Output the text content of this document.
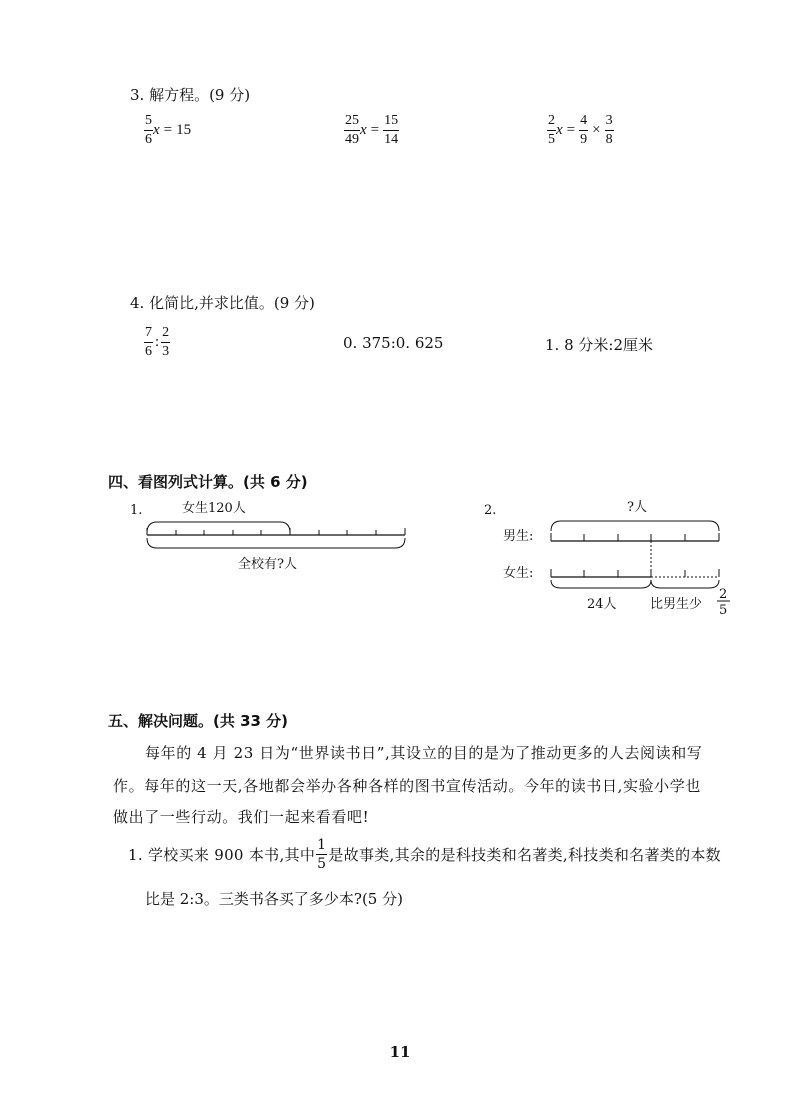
3. 解方程。(9 分)
$\frac{5}{6}$ x = 15	$\frac{25}{49}$ $x = \frac{15}{14}$	$\frac{2}{5}$ $x = \frac{4}{9} \times \frac{3}{8}$
4. 化简比,并求比值。(9 分)
$\frac{7}{6}$ : $\frac{2}{3}$	0. 375:0. 625	1. 8 分米:2厘米
四、看图列式计算。(共 6 分)
1.	女生120人
全校有?人
2.	?人
男生:
女生:
24人	比男生少
2
5
五、解决问题。(共 33 分)
每年的 4 月 23 日为“世界读书日”,其设立的目的是为了推动更多的人去阅读和写
作。每年的这一天,各地都会举办各种各样的图书宣传活动。今年的读书日,实验小学也
做出了一些行动。我们一起来看看吧!
1. 学校买来 900 本书,其中 $\frac{1}{5}$ 是故事类,其余的是科技类和名著类,科技类和名著类的本数
比是 2:3。三类书各买了多少本?(5 分)
11
